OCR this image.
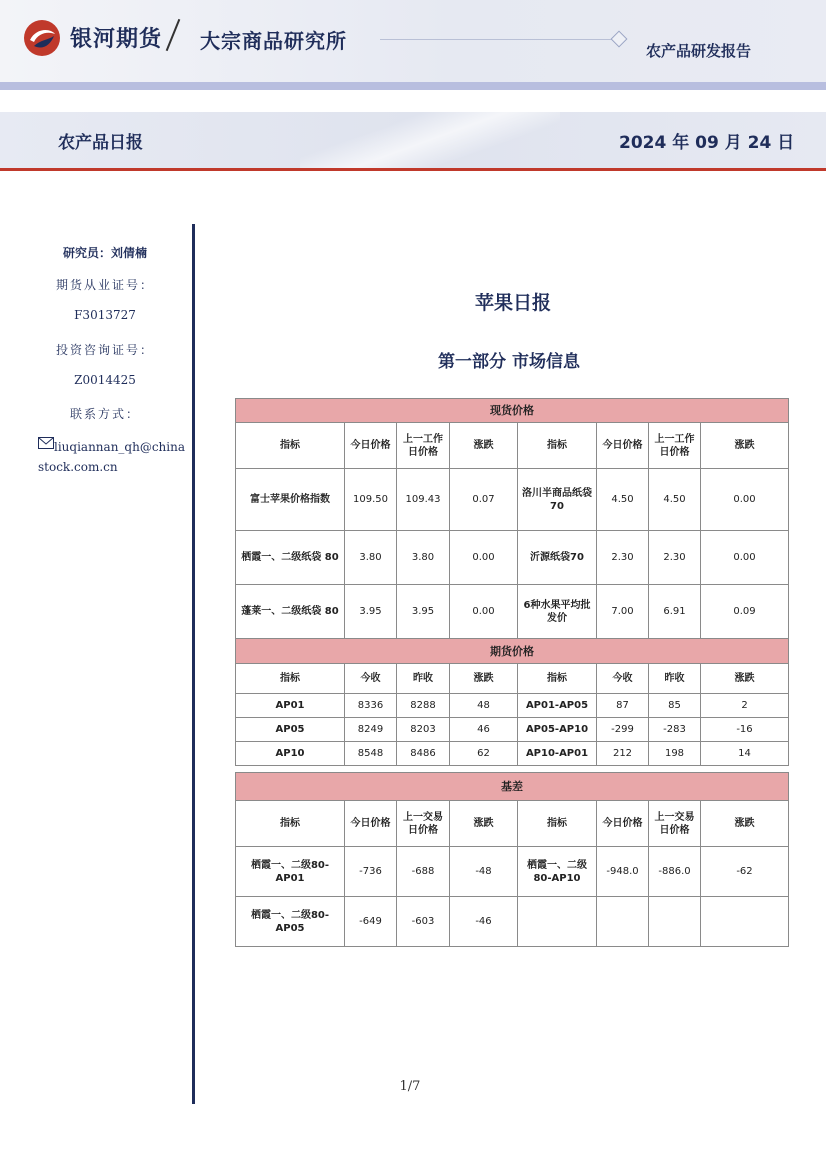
银河期货 大宗商品研究所	农产品研发报告
农产品日报	2024 年 09 月 24 日
研究员：刘倩楠
期货从业证号：
F3013727
投资咨询证号：
Z0014425
联系方式：
liuqiannan_qh@chinastock.com.cn
苹果日报
第一部分 市场信息
现货价格							
指标	今日价格	上一工作日价格	涨跌	指标	今日价格	上一工作日价格	涨跌
富士苹果价格指数	109.50	109.43	0.07	洛川半商品纸袋70	4.50	4.50	0.00
栖霞一、二级纸袋 80	3.80	3.80	0.00	沂源纸袋70	2.30	2.30	0.00
蓬莱一、二级纸袋 80	3.95	3.95	0.00	6种水果平均批发价	7.00	6.91	0.09
期货价格							
指标	今收	昨收	涨跌	指标	今收	昨收	涨跌
AP01	8336	8288	48	AP01-AP05	87	85	2
AP05	8249	8203	46	AP05-AP10	-299	-283	-16
AP10	8548	8486	62	AP10-AP01	212	198	14
基差							
指标	今日价格	上一交易日价格	涨跌	指标	今日价格	上一交易日价格	涨跌
栖霞一、二级80-AP01	-736	-688	-48	栖霞一、二级80-AP10	-948.0	-886.0	-62
栖霞一、二级80-AP05	-649	-603	-46				
1/7
